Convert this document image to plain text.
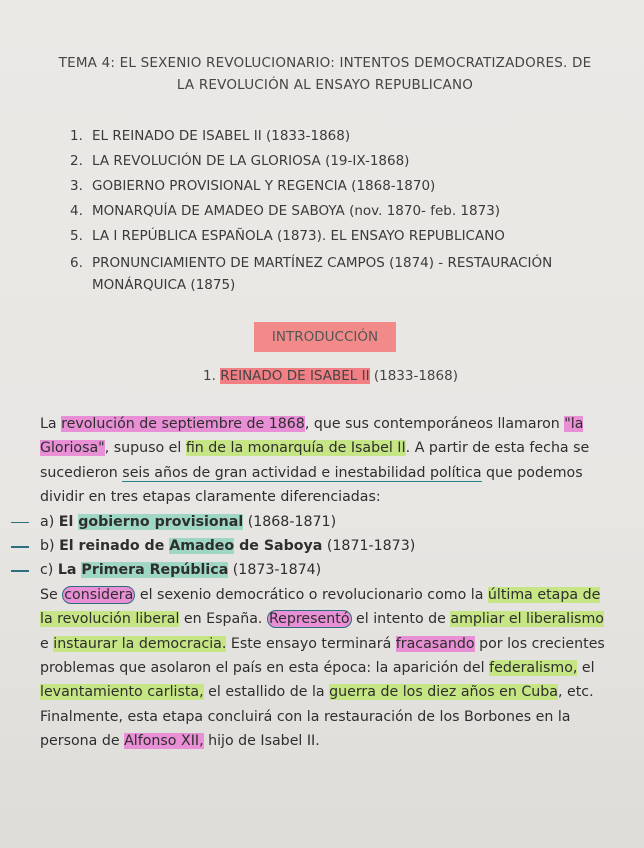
TEMA 4: EL SEXENIO REVOLUCIONARIO: INTENTOS DEMOCRATIZADORES. DE
LA REVOLUCIÓN AL ENSAYO REPUBLICANO
1. EL REINADO DE ISABEL II (1833-1868)
2. LA REVOLUCIÓN DE LA GLORIOSA (19-IX-1868)
3. GOBIERNO PROVISIONAL Y REGENCIA (1868-1870)
4. MONARQUÍA DE AMADEO DE SABOYA (nov. 1870- feb. 1873)
5. LA I REPÚBLICA ESPAÑOLA (1873). EL ENSAYO REPUBLICANO
6. PRONUNCIAMIENTO DE MARTÍNEZ CAMPOS (1874) - RESTAURACIÓN MONÁRQUICA (1875)
INTRODUCCIÓN
1. REINADO DE ISABEL II (1833-1868)

La revolución de septiembre de 1868, que sus contemporáneos llamaron "la Gloriosa", supuso el fin de la monarquía de Isabel II. A partir de esta fecha se sucedieron seis años de gran actividad e inestabilidad política que podemos dividir en tres etapas claramente diferenciadas:

a) El gobierno provisional (1868-1871)
b) El reinado de Amadeo de Saboya (1871-1873)
c) La Primera República (1873-1874)

Se considera el sexenio democrático o revolucionario como la última etapa de la revolución liberal en España. Representó el intento de ampliar el liberalismo e instaurar la democracia. Este ensayo terminará fracasando por los crecientes problemas que asolaron el país en esta época: la aparición del federalismo, el levantamiento carlista, el estallido de la guerra de los diez años en Cuba, etc. Finalmente, esta etapa concluirá con la restauración de los Borbones en la persona de Alfonso XII, hijo de Isabel II.
